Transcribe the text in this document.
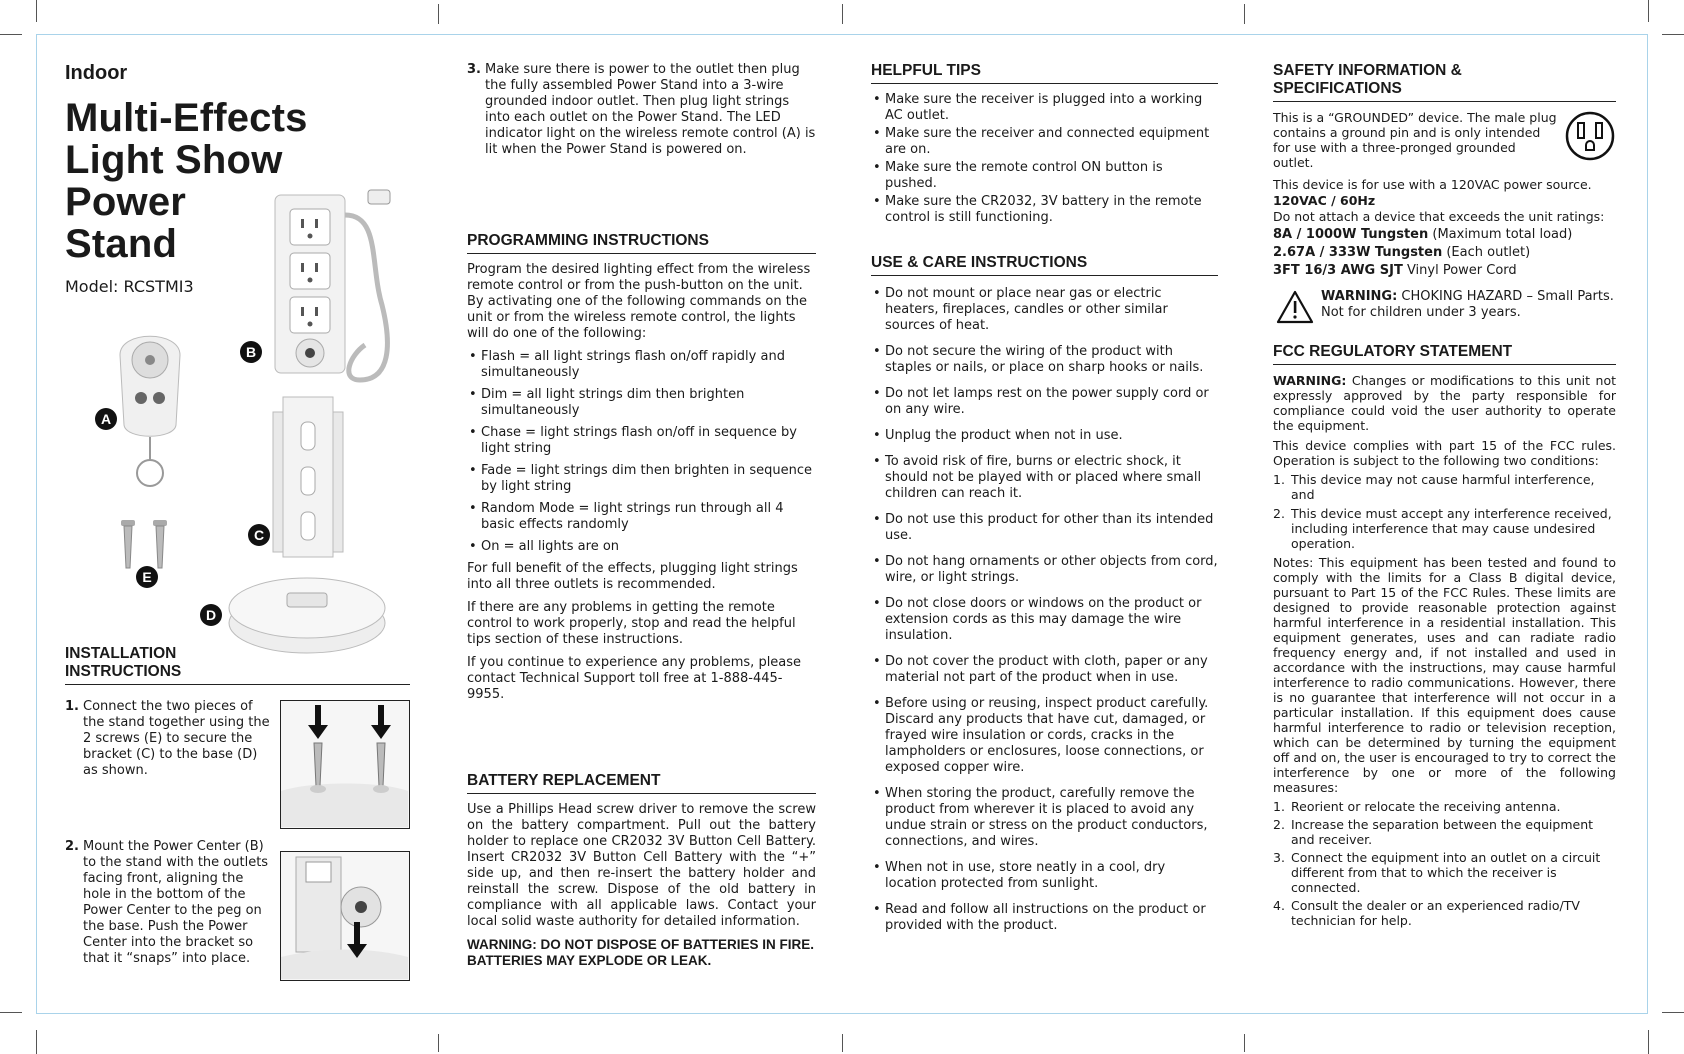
Indoor
Multi-Effects
Light Show
Power
Stand
Model: RCSTMI3
B
A
C
E
D
INSTALLATION
INSTRUCTIONS

1. Connect the two pieces of the stand together using the 2 screws (E) to secure the bracket (C) to the base (D) as shown.

2. Mount the Power Center (B) to the stand with the outlets facing front, aligning the hole in the bottom of the Power Center to the peg on the base. Push the Power Center into the bracket so that it “snaps” into place.

3. Make sure there is power to the outlet then plug the fully assembled Power Stand into a 3-wire grounded indoor outlet. Then plug light strings into each outlet on the Power Stand. The LED indicator light on the wireless remote control (A) is lit when the Power Stand is powered on.

PROGRAMMING INSTRUCTIONS

Program the desired lighting effect from the wireless remote control or from the push-button on the unit. By activating one of the following commands on the unit or from the wireless remote control, the lights will do one of the following:

• Flash = all light strings flash on/off rapidly and simultaneously
• Dim = all light strings dim then brighten simultaneously
• Chase = light strings flash on/off in sequence by light string
• Fade = light strings dim then brighten in sequence by light string
• Random Mode = light strings run through all 4 basic effects randomly
• On = all lights are on

For full benefit of the effects, plugging light strings into all three outlets is recommended.

If there are any problems in getting the remote control to work properly, stop and read the helpful tips section of these instructions.

If you continue to experience any problems, please contact Technical Support toll free at 1-888-445-9955.

BATTERY REPLACEMENT

Use a Phillips Head screw driver to remove the screw on the battery compartment. Pull out the battery holder to replace one CR2032 3V Button Cell Battery. Insert CR2032 3V Button Cell Battery with the “+” side up, and then re-insert the battery holder and reinstall the screw. Dispose of the old battery in compliance with all applicable laws. Contact your local solid waste authority for detailed information.

WARNING: DO NOT DISPOSE OF BATTERIES IN FIRE. BATTERIES MAY EXPLODE OR LEAK.

HELPFUL TIPS
• Make sure the receiver is plugged into a working AC outlet.
• Make sure the receiver and connected equipment are on.
• Make sure the remote control ON button is pushed.
• Make sure the CR2032, 3V battery in the remote control is still functioning.
USE & CARE INSTRUCTIONS
• Do not mount or place near gas or electric heaters, fireplaces, candles or other similar sources of heat.
• Do not secure the wiring of the product with staples or nails, or place on sharp hooks or nails.
• Do not let lamps rest on the power supply cord or on any wire.
• Unplug the product when not in use.
• To avoid risk of fire, burns or electric shock, it should not be played with or placed where small children can reach it.
• Do not use this product for other than its intended use.
• Do not hang ornaments or other objects from cord, wire, or light strings.
• Do not close doors or windows on the product or extension cords as this may damage the wire insulation.
• Do not cover the product with cloth, paper or any material not part of the product when in use.
• Before using or reusing, inspect product carefully. Discard any products that have cut, damaged, or frayed wire insulation or cords, cracks in the lampholders or enclosures, loose connections, or exposed copper wire.
• When storing the product, carefully remove the product from wherever it is placed to avoid any undue strain or stress on the product conductors, connections, and wires.
• When not in use, store neatly in a cool, dry location protected from sunlight.
• Read and follow all instructions on the product or provided with the product.
SAFETY INFORMATION &
SPECIFICATIONS

This is a “GROUNDED” device. The male plug contains a ground pin and is only intended for use with a three-pronged grounded outlet.

This device is for use with a 120VAC power source.

120VAC / 60Hz

Do not attach a device that exceeds the unit ratings:

8A / 1000W Tungsten (Maximum total load)

2.67A / 333W Tungsten (Each outlet)

3FT 16/3 AWG SJT Vinyl Power Cord

WARNING: CHOKING HAZARD – Small Parts. Not for children under 3 years.

FCC REGULATORY STATEMENT

WARNING: Changes or modifications to this unit not expressly approved by the party responsible for compliance could void the user authority to operate the equipment.

This device complies with part 15 of the FCC rules. Operation is subject to the following two conditions:

1. This device may not cause harmful interference, and
2. This device must accept any interference received, including interference that may cause undesired operation.

Notes: This equipment has been tested and found to comply with the limits for a Class B digital device, pursuant to Part 15 of the FCC Rules. These limits are designed to provide reasonable protection against harmful interference in a residential installation. This equipment generates, uses and can radiate radio frequency energy and, if not installed and used in accordance with the instructions, may cause harmful interference to radio communications. However, there is no guarantee that interference will not occur in a particular installation. If this equipment does cause harmful interference to radio or television reception, which can be determined by turning the equipment off and on, the user is encouraged to try to correct the interference by one or more of the following measures:

1. Reorient or relocate the receiving antenna.
2. Increase the separation between the equipment and receiver.
3. Connect the equipment into an outlet on a circuit different from that to which the receiver is connected.
4. Consult the dealer or an experienced radio/TV technician for help.
